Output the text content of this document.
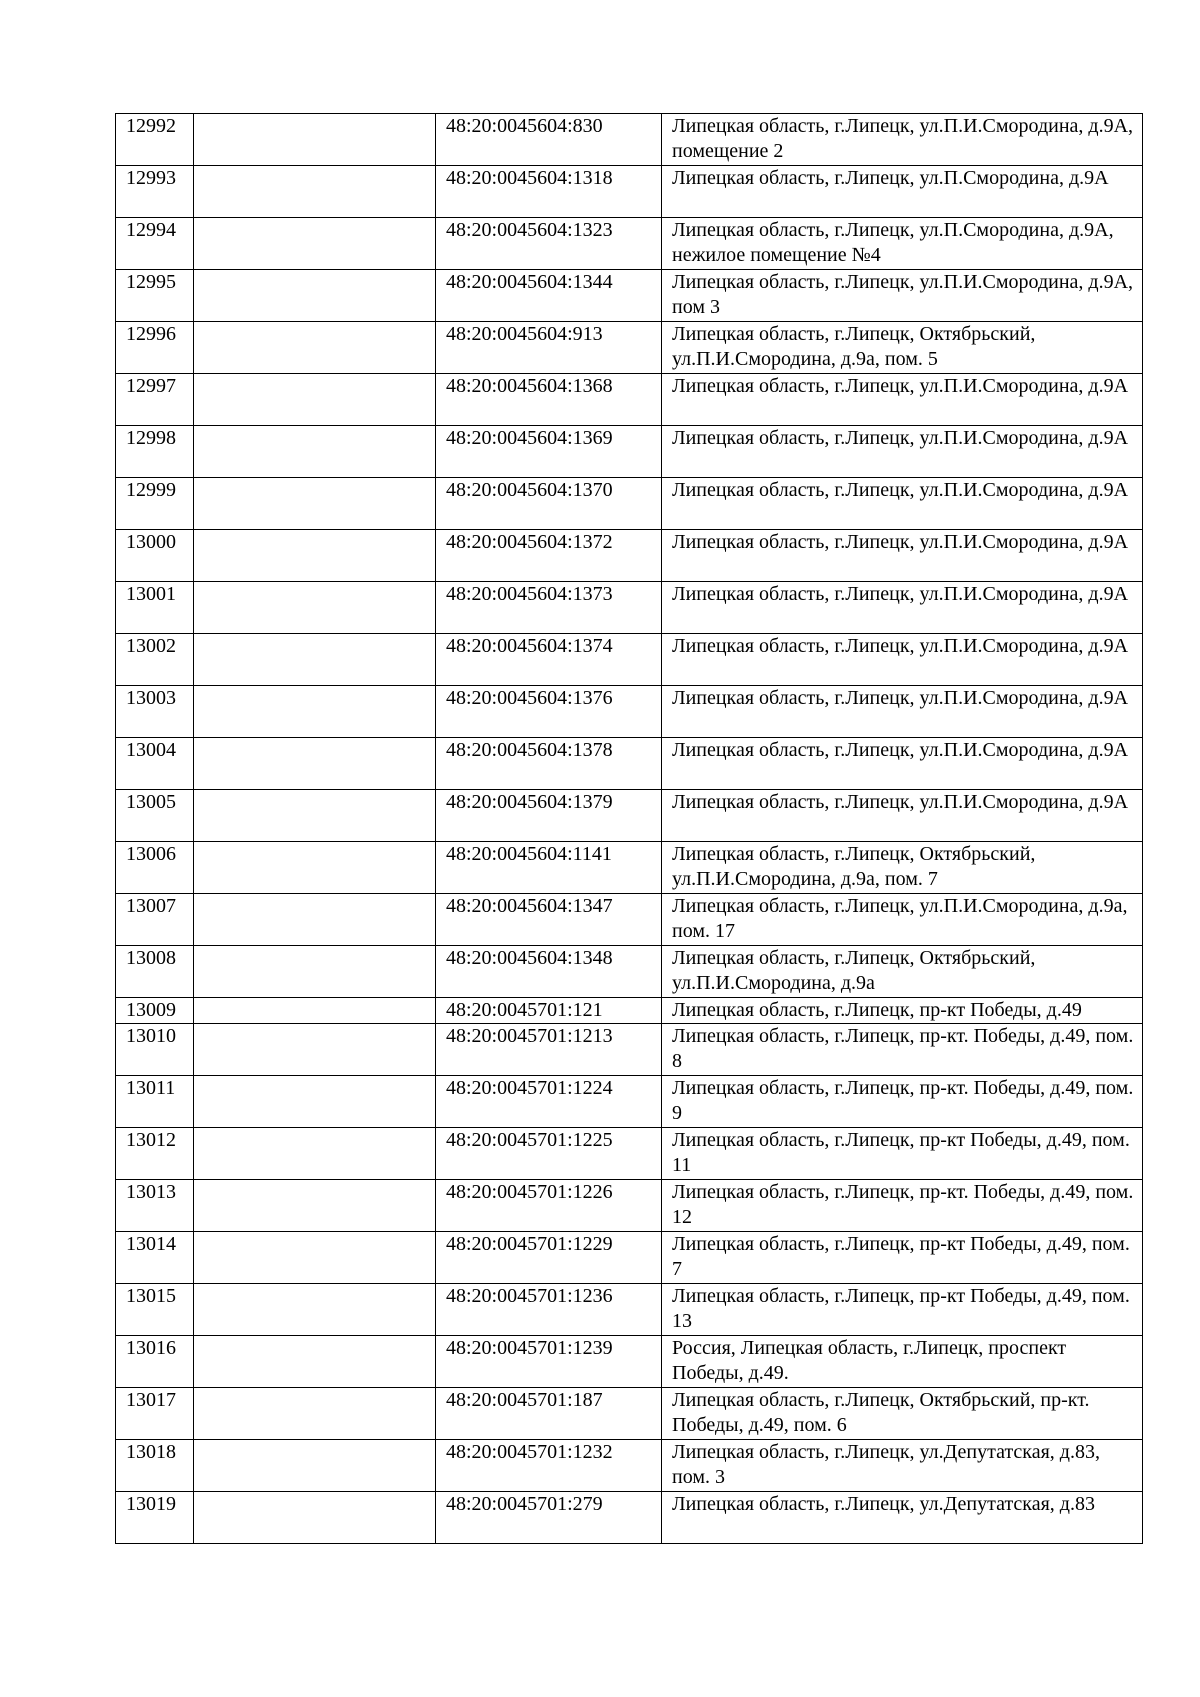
12992		48:20:0045604:830	Липецкая область, г.Липецк, ул.П.И.Смородина, д.9А, помещение 2
12993		48:20:0045604:1318	Липецкая область, г.Липецк, ул.П.Смородина, д.9А
12994		48:20:0045604:1323	Липецкая область, г.Липецк, ул.П.Смородина, д.9А, нежилое помещение №4
12995		48:20:0045604:1344	Липецкая область, г.Липецк, ул.П.И.Смородина, д.9А, пом 3
12996		48:20:0045604:913	Липецкая область, г.Липецк, Октябрьский, ул.П.И.Смородина, д.9а, пом. 5
12997		48:20:0045604:1368	Липецкая область, г.Липецк, ул.П.И.Смородина, д.9А
12998		48:20:0045604:1369	Липецкая область, г.Липецк, ул.П.И.Смородина, д.9А
12999		48:20:0045604:1370	Липецкая область, г.Липецк, ул.П.И.Смородина, д.9А
13000		48:20:0045604:1372	Липецкая область, г.Липецк, ул.П.И.Смородина, д.9А
13001		48:20:0045604:1373	Липецкая область, г.Липецк, ул.П.И.Смородина, д.9А
13002		48:20:0045604:1374	Липецкая область, г.Липецк, ул.П.И.Смородина, д.9А
13003		48:20:0045604:1376	Липецкая область, г.Липецк, ул.П.И.Смородина, д.9А
13004		48:20:0045604:1378	Липецкая область, г.Липецк, ул.П.И.Смородина, д.9А
13005		48:20:0045604:1379	Липецкая область, г.Липецк, ул.П.И.Смородина, д.9А
13006		48:20:0045604:1141	Липецкая область, г.Липецк, Октябрьский, ул.П.И.Смородина, д.9а, пом. 7
13007		48:20:0045604:1347	Липецкая область, г.Липецк, ул.П.И.Смородина, д.9а, пом. 17
13008		48:20:0045604:1348	Липецкая область, г.Липецк, Октябрьский, ул.П.И.Смородина, д.9а
13009		48:20:0045701:121	Липецкая область, г.Липецк, пр-кт Победы, д.49
13010		48:20:0045701:1213	Липецкая область, г.Липецк, пр-кт. Победы, д.49, пом. 8
13011		48:20:0045701:1224	Липецкая область, г.Липецк, пр-кт. Победы, д.49, пом. 9
13012		48:20:0045701:1225	Липецкая область, г.Липецк, пр-кт Победы, д.49, пом. 11
13013		48:20:0045701:1226	Липецкая область, г.Липецк, пр-кт. Победы, д.49, пом. 12
13014		48:20:0045701:1229	Липецкая область, г.Липецк, пр-кт Победы, д.49, пом. 7
13015		48:20:0045701:1236	Липецкая область, г.Липецк, пр-кт Победы, д.49, пом. 13
13016		48:20:0045701:1239	Россия, Липецкая область, г.Липецк, проспект Победы, д.49.
13017		48:20:0045701:187	Липецкая область, г.Липецк, Октябрьский, пр-кт. Победы, д.49, пом. 6
13018		48:20:0045701:1232	Липецкая область, г.Липецк, ул.Депутатская, д.83, пом. 3
13019		48:20:0045701:279	Липецкая область, г.Липецк, ул.Депутатская, д.83
